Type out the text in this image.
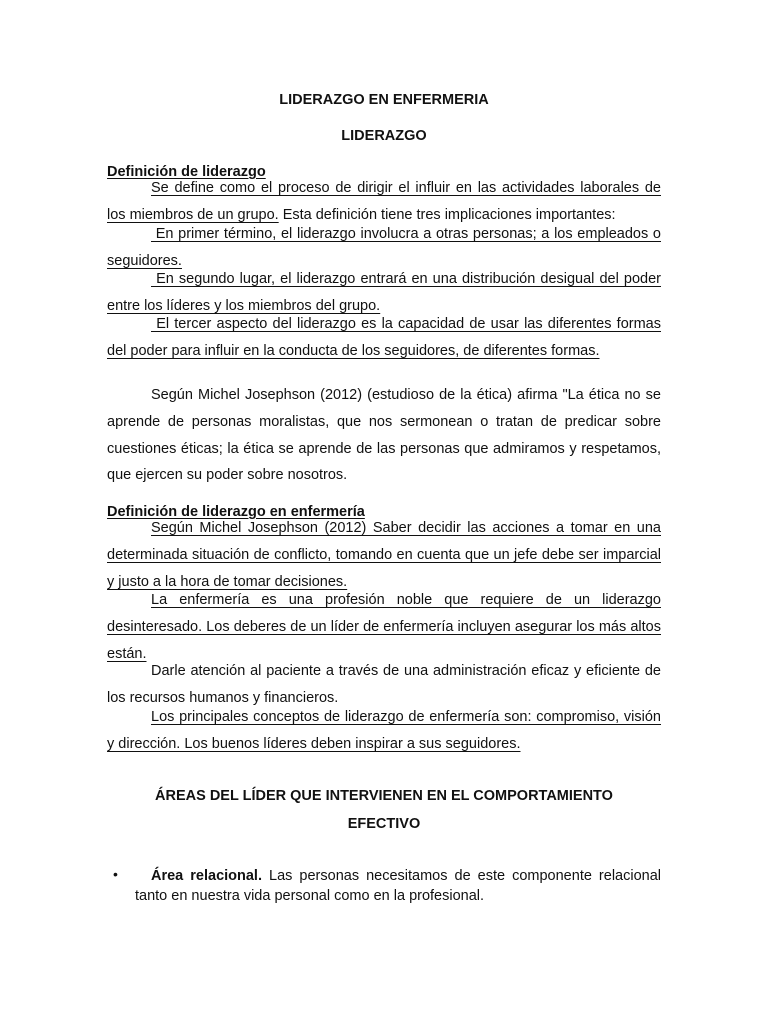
LIDERAZGO EN ENFERMERIA
LIDERAZGO
Definición de liderazgo

Se define como el proceso de dirigir el influir en las actividades laborales de los miembros de un grupo. Esta definición tiene tres implicaciones importantes:

En primer término, el liderazgo involucra a otras personas; a los empleados o seguidores.

En segundo lugar, el liderazgo entrará en una distribución desigual del poder entre los líderes y los miembros del grupo.

El tercer aspecto del liderazgo es la capacidad de usar las diferentes formas del poder para influir en la conducta de los seguidores, de diferentes formas.

Según Michel Josephson (2012) (estudioso de la ética) afirma "La ética no se aprende de personas moralistas, que nos sermonean o tratan de predicar sobre cuestiones éticas; la ética se aprende de las personas que admiramos y respetamos, que ejercen su poder sobre nosotros.

Definición de liderazgo en enfermería

Según Michel Josephson (2012) Saber decidir las acciones a tomar en una determinada situación de conflicto, tomando en cuenta que un jefe debe ser imparcial y justo a la hora de tomar decisiones.

La enfermería es una profesión noble que requiere de un liderazgo desinteresado. Los deberes de un líder de enfermería incluyen asegurar los más altos están.

Darle atención al paciente a través de una administración eficaz y eficiente de los recursos humanos y financieros.

Los principales conceptos de liderazgo de enfermería son: compromiso, visión y dirección. Los buenos líderes deben inspirar a sus seguidores.

ÁREAS DEL LÍDER QUE INTERVIENEN EN EL COMPORTAMIENTO
EFECTIVO
•	Área relacional. Las personas necesitamos de este componente relacional tanto en nuestra vida personal como en la profesional.
